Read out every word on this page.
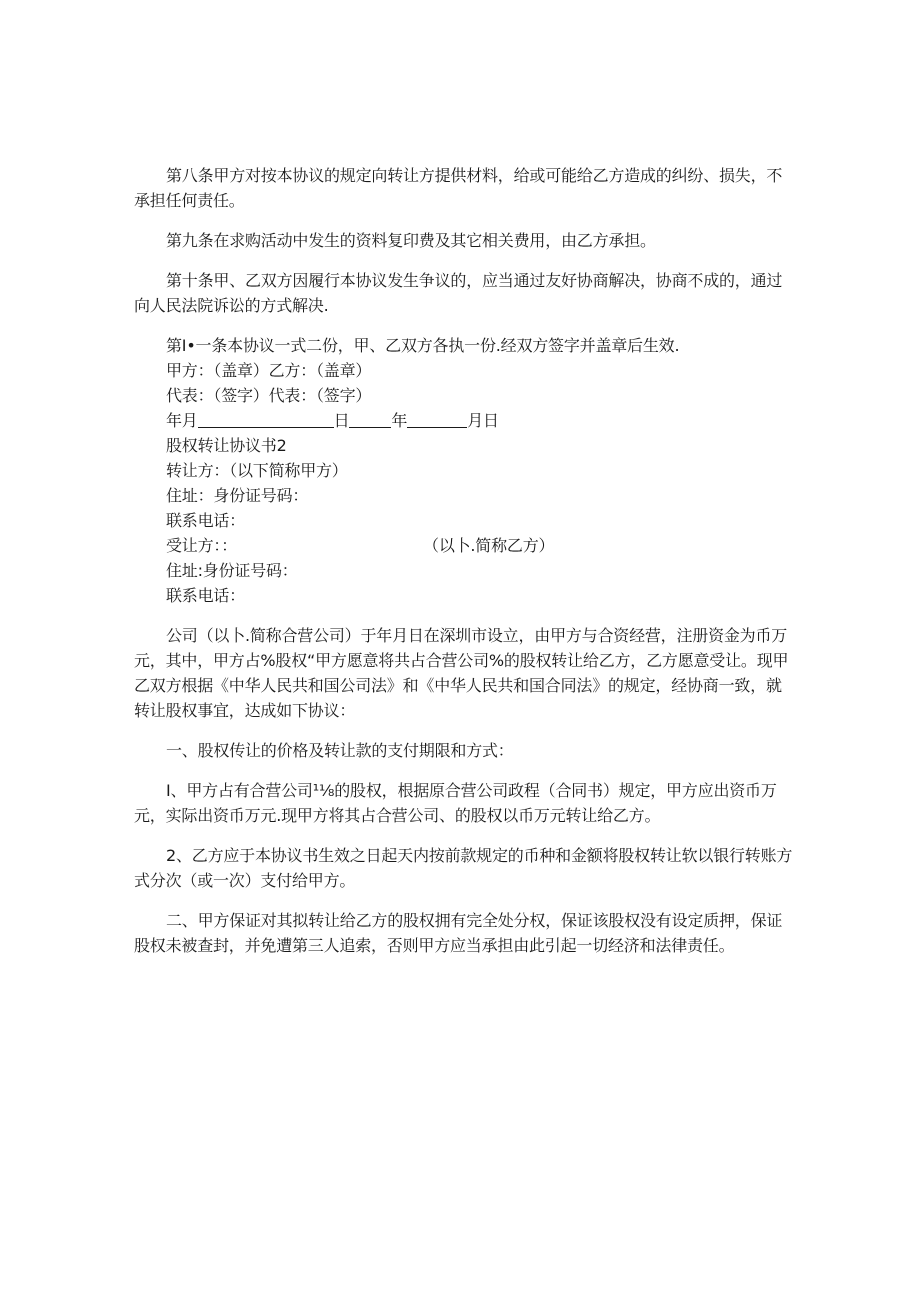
第八条甲方对按本协议的规定向转让方提供材料，给或可能给乙方造成的纠纷、损失，不承担任何责任。

第九条在求购活动中发生的资料复印费及其它相关费用，由乙方承担。

第十条甲、乙双方因履行本协议发生争议的，应当通过友好协商解决，协商不成的，通过向人民法院诉讼的方式解决.

第I•一条本协议一式二份，甲、乙双方各执一份.经双方签字并盖章后生效.

甲方：（盖章）乙方：（盖章）

代表：（签字）代表：（签字）

年月	日	年	月日

股权转让协议书2

转让方：（以下简称甲方）

住址：身份证号码：

联系电话：

受让方：：	（以卜.简称乙方）

住址:身份证号码：

联系电话：

公司（以卜.简称合营公司）于年月日在深圳市设立，由甲方与合资经营，注册资金为币万元，其中，甲方占%股权“甲方愿意将共占合营公司%的股权转让给乙方，乙方愿意受让。现甲乙双方根据《中华人民共和国公司法》和《中华人民共和国合同法》的规定，经协商一致，就转让股权事宜，达成如下协议：

一、股权传让的价格及转让款的支付期限和方式：

I、甲方占有合营公司¹⅛的股权，根据原合营公司政程（合同书）规定，甲方应出资币万元，实际出资币万元.现甲方将其占合营公司、的股权以币万元转让给乙方。

2、乙方应于本协议书生效之日起天内按前款规定的币种和金额将股权转让软以银行转账方式分次（或一次）支付给甲方。

二、甲方保证对其拟转让给乙方的股权拥有完全处分权，保证该股权没有设定质押，保证股权未被查封，并免遭第三人追索，否则甲方应当承担由此引起一切经济和法律责任。
